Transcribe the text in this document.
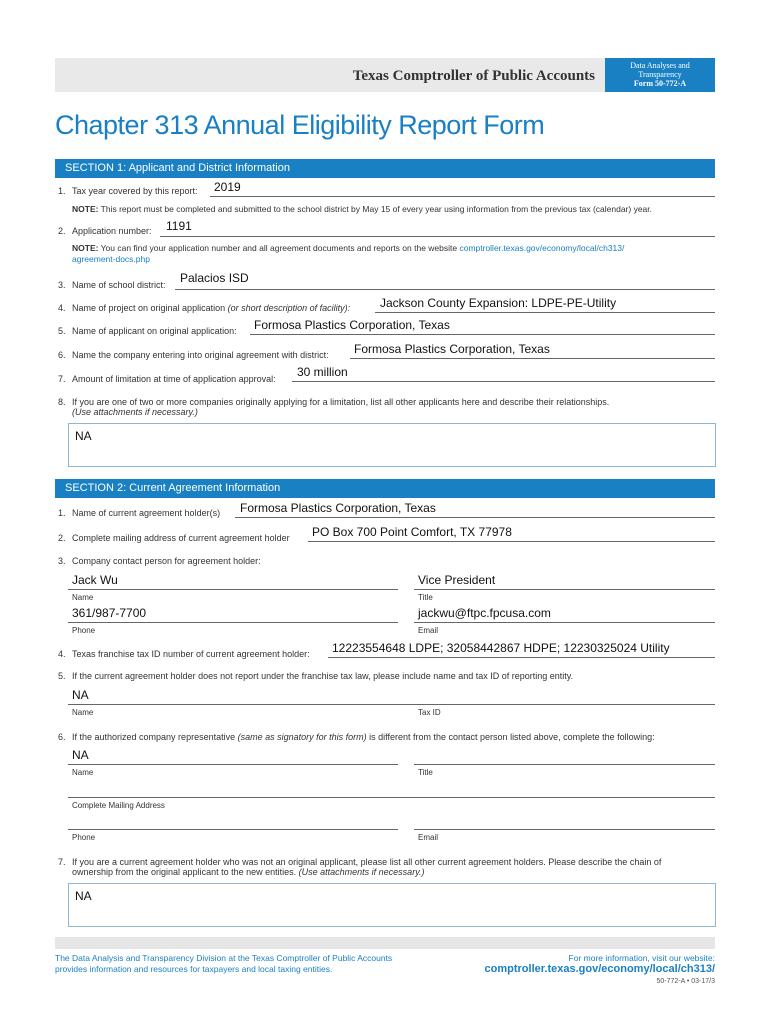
Texas Comptroller of Public Accounts
Data Analyses and
Transparency
Form 50-772-A
Chapter 313 Annual Eligibility Report Form
SECTION 1: Applicant and District Information
1. Tax year covered by this report: 2019
NOTE: This report must be completed and submitted to the school district by May 15 of every year using information from the previous tax (calendar) year.
2. Application number: 1191
NOTE: You can find your application number and all agreement documents and reports on the website comptroller.texas.gov/economy/local/ch313/
agreement-docs.php
3. Name of school district: Palacios ISD
4. Name of project on original application (or short description of facility): Jackson County Expansion: LDPE-PE-Utility
5. Name of applicant on original application: Formosa Plastics Corporation, Texas
6. Name the company entering into original agreement with district: Formosa Plastics Corporation, Texas
7. Amount of limitation at time of application approval: 30 million
8. If you are one of two or more companies originally applying for a limitation, list all other applicants here and describe their relationships.
(Use attachments if necessary.)
NA
SECTION 2: Current Agreement Information
1. Name of current agreement holder(s) Formosa Plastics Corporation, Texas
2. Complete mailing address of current agreement holder PO Box 700 Point Comfort, TX 77978
3. Company contact person for agreement holder:
Jack Wu
Name
Vice President
Title
361/987-7700
Phone
jackwu@ftpc.fpcusa.com
Email
4. Texas franchise tax ID number of current agreement holder: 12223554648 LDPE; 32058442867 HDPE; 12230325024 Utility
5. If the current agreement holder does not report under the franchise tax law, please include name and tax ID of reporting entity.
NA
Name	Tax ID
6. If the authorized company representative (same as signatory for this form) is different from the contact person listed above, complete the following:
NA
Name	Title
Complete Mailing Address
Phone	Email
7. If you are a current agreement holder who was not an original applicant, please list all other current agreement holders. Please describe the chain of
ownership from the original applicant to the new entities. (Use attachments if necessary.)
NA
The Data Analysis and Transparency Division at the Texas Comptroller of Public Accounts
provides information and resources for taxpayers and local taxing entities.
For more information, visit our website:
comptroller.texas.gov/economy/local/ch313/
50-772-A • 03-17/3
